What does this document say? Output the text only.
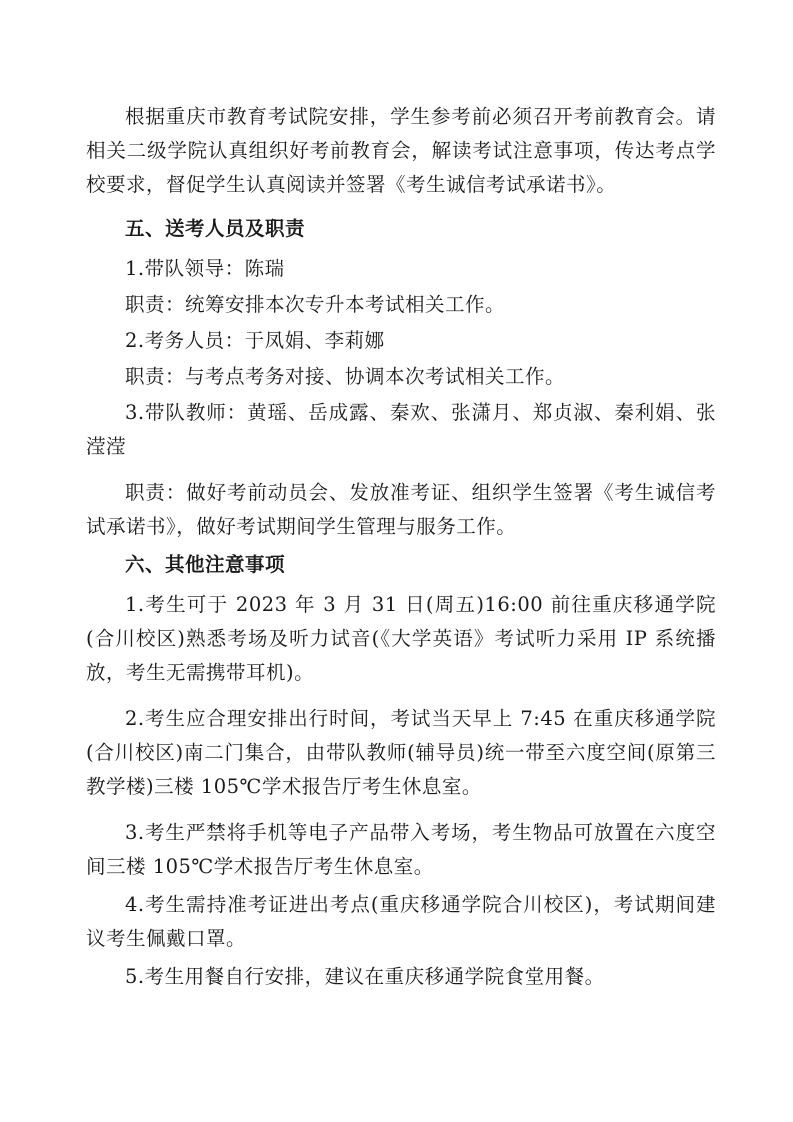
根据重庆市教育考试院安排，学生参考前必须召开考前教育会。请相关二级学院认真组织好考前教育会，解读考试注意事项，传达考点学校要求，督促学生认真阅读并签署《考生诚信考试承诺书》。

五、送考人员及职责

1.带队领导：陈瑞

职责：统筹安排本次专升本考试相关工作。

2.考务人员：于凤娟、李莉娜

职责：与考点考务对接、协调本次考试相关工作。

3.带队教师：黄瑶、岳成露、秦欢、张潇月、郑贞淑、秦利娟、张滢滢

职责：做好考前动员会、发放准考证、组织学生签署《考生诚信考试承诺书》，做好考试期间学生管理与服务工作。

六、其他注意事项

1.考生可于 2023 年 3 月 31 日(周五)16:00 前往重庆移通学院(合川校区)熟悉考场及听力试音(《大学英语》考试听力采用 IP 系统播放，考生无需携带耳机)。

2.考生应合理安排出行时间，考试当天早上 7:45 在重庆移通学院(合川校区)南二门集合，由带队教师(辅导员)统一带至六度空间(原第三教学楼)三楼 105℃学术报告厅考生休息室。

3.考生严禁将手机等电子产品带入考场，考生物品可放置在六度空间三楼 105℃学术报告厅考生休息室。

4.考生需持准考证进出考点(重庆移通学院合川校区)，考试期间建议考生佩戴口罩。

5.考生用餐自行安排，建议在重庆移通学院食堂用餐。
